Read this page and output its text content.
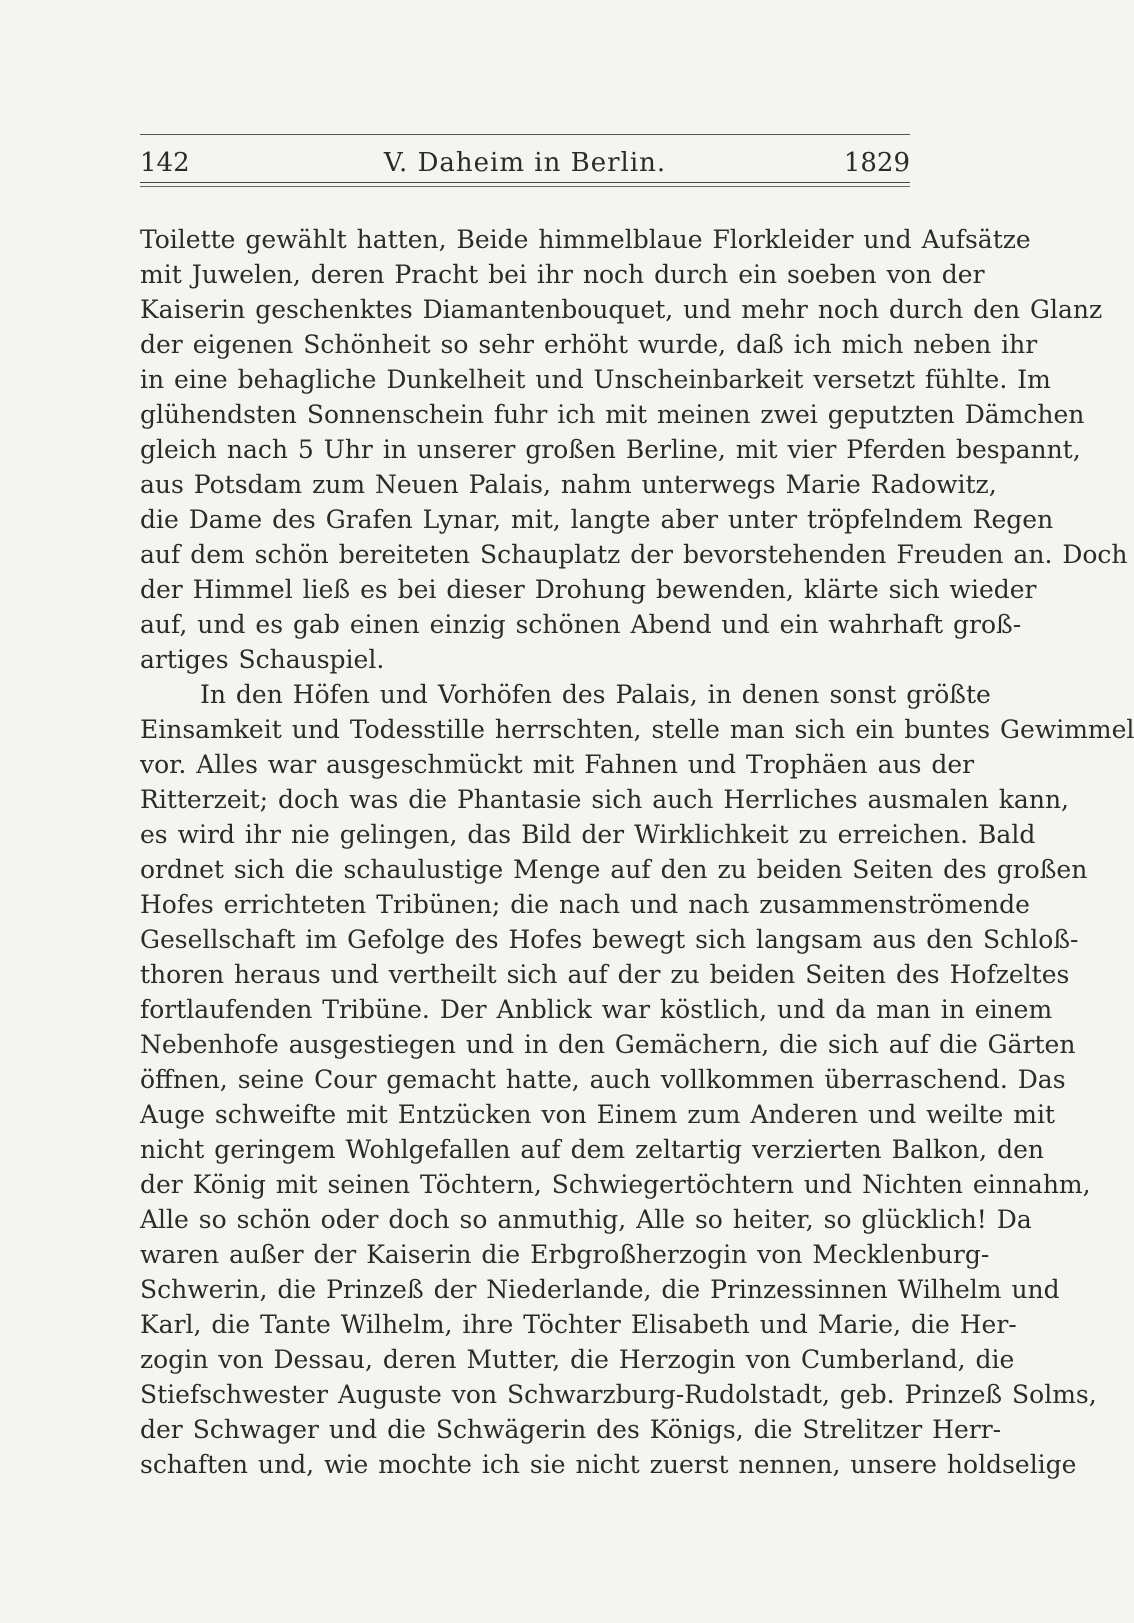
142	V. Daheim in Berlin.	1829
Toilette gewählt hatten, Beide himmelblaue Florkleider und Aufsätze
mit Juwelen, deren Pracht bei ihr noch durch ein soeben von der
Kaiserin geschenktes Diamantenbouquet, und mehr noch durch den Glanz
der eigenen Schönheit so sehr erhöht wurde, daß ich mich neben ihr
in eine behagliche Dunkelheit und Unscheinbarkeit versetzt fühlte. Im
glühendsten Sonnenschein fuhr ich mit meinen zwei geputzten Dämchen
gleich nach 5 Uhr in unserer großen Berline, mit vier Pferden bespannt,
aus Potsdam zum Neuen Palais, nahm unterwegs Marie Radowitz,
die Dame des Grafen Lynar, mit, langte aber unter tröpfelndem Regen
auf dem schön bereiteten Schauplatz der bevorstehenden Freuden an. Doch
der Himmel ließ es bei dieser Drohung bewenden, klärte sich wieder
auf, und es gab einen einzig schönen Abend und ein wahrhaft groß-
artiges Schauspiel.
In den Höfen und Vorhöfen des Palais, in denen sonst größte
Einsamkeit und Todesstille herrschten, stelle man sich ein buntes Gewimmel
vor. Alles war ausgeschmückt mit Fahnen und Trophäen aus der
Ritterzeit; doch was die Phantasie sich auch Herrliches ausmalen kann,
es wird ihr nie gelingen, das Bild der Wirklichkeit zu erreichen. Bald
ordnet sich die schaulustige Menge auf den zu beiden Seiten des großen
Hofes errichteten Tribünen; die nach und nach zusammenströmende
Gesellschaft im Gefolge des Hofes bewegt sich langsam aus den Schloß-
thoren heraus und vertheilt sich auf der zu beiden Seiten des Hofzeltes
fortlaufenden Tribüne. Der Anblick war köstlich, und da man in einem
Nebenhofe ausgestiegen und in den Gemächern, die sich auf die Gärten
öffnen, seine Cour gemacht hatte, auch vollkommen überraschend. Das
Auge schweifte mit Entzücken von Einem zum Anderen und weilte mit
nicht geringem Wohlgefallen auf dem zeltartig verzierten Balkon, den
der König mit seinen Töchtern, Schwiegertöchtern und Nichten einnahm,
Alle so schön oder doch so anmuthig, Alle so heiter, so glücklich! Da
waren außer der Kaiserin die Erbgroßherzogin von Mecklenburg-
Schwerin, die Prinzeß der Niederlande, die Prinzessinnen Wilhelm und
Karl, die Tante Wilhelm, ihre Töchter Elisabeth und Marie, die Her-
zogin von Dessau, deren Mutter, die Herzogin von Cumberland, die
Stiefschwester Auguste von Schwarzburg-Rudolstadt, geb. Prinzeß Solms,
der Schwager und die Schwägerin des Königs, die Strelitzer Herr-
schaften und, wie mochte ich sie nicht zuerst nennen, unsere holdselige
